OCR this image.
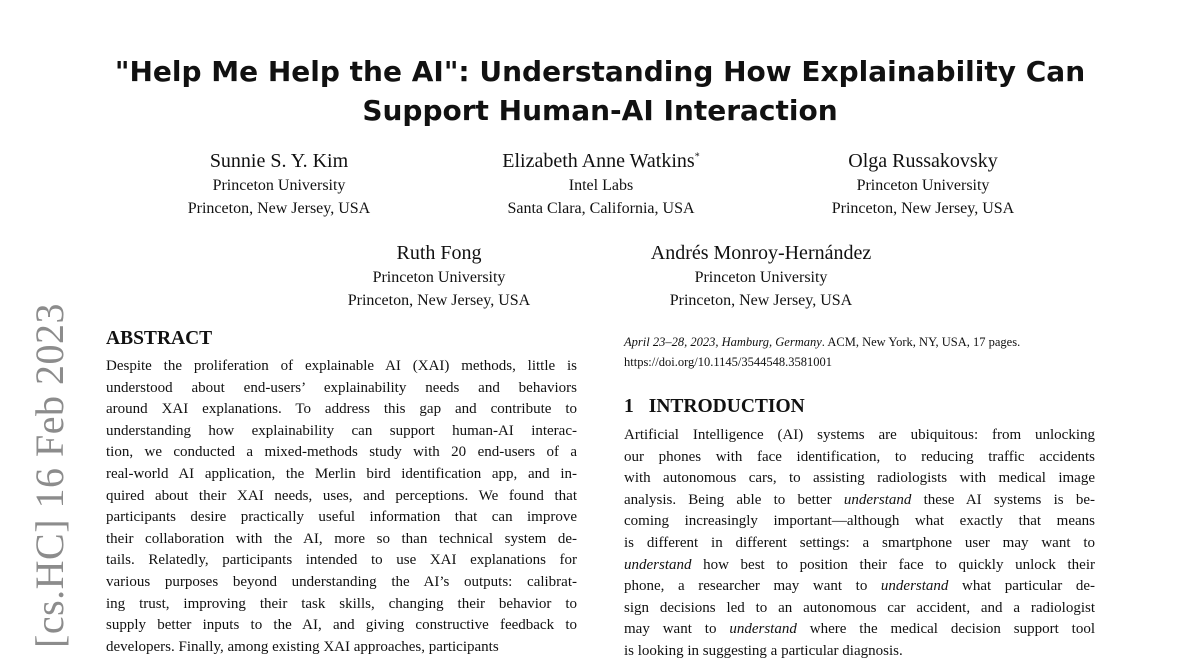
"Help Me Help the AI": Understanding How Explainability Can
Support Human-AI Interaction
Sunnie S. Y. Kim
Princeton University
Princeton, New Jersey, USA
Elizabeth Anne Watkins*
Intel Labs
Santa Clara, California, USA
Olga Russakovsky
Princeton University
Princeton, New Jersey, USA
Ruth Fong
Princeton University
Princeton, New Jersey, USA
Andrés Monroy-Hernández
Princeton University
Princeton, New Jersey, USA
[cs.HC] 16 Feb 2023 ABSTRACT
Despite the proliferation of explainable AI (XAI) methods, little is
understood about end-users’ explainability needs and behaviors
around XAI explanations. To address this gap and contribute to
understanding how explainability can support human-AI interac-
tion, we conducted a mixed-methods study with 20 end-users of a
real-world AI application, the Merlin bird identification app, and in-
quired about their XAI needs, uses, and perceptions. We found that
participants desire practically useful information that can improve
their collaboration with the AI, more so than technical system de-
tails. Relatedly, participants intended to use XAI explanations for
various purposes beyond understanding the AI’s outputs: calibrat-
ing trust, improving their task skills, changing their behavior to
supply better inputs to the AI, and giving constructive feedback to
developers. Finally, among existing XAI approaches, participants
April 23–28, 2023, Hamburg, Germany. ACM, New York, NY, USA, 17 pages.
https://doi.org/10.1145/3544548.3581001
1 INTRODUCTION
Artificial Intelligence (AI) systems are ubiquitous: from unlocking
our phones with face identification, to reducing traffic accidents
with autonomous cars, to assisting radiologists with medical image
analysis. Being able to better understand these AI systems is be-
coming increasingly important—although what exactly that means
is different in different settings: a smartphone user may want to
understand how best to position their face to quickly unlock their
phone, a researcher may want to understand what particular de-
sign decisions led to an autonomous car accident, and a radiologist
may want to understand where the medical decision support tool
is looking in suggesting a particular diagnosis.
